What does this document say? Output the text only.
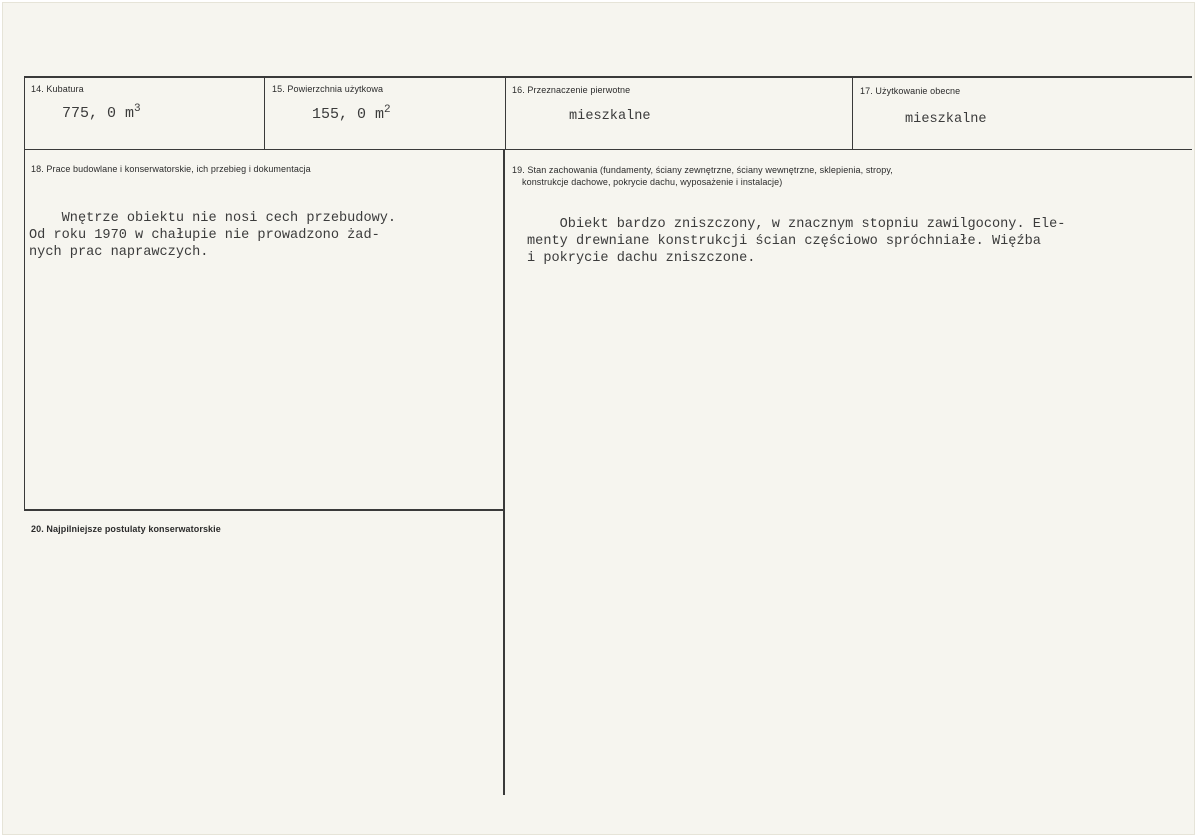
14. Kubatura
775, 0 $m^3$
15. Powierzchnia użytkowa
155, 0 $m^2$
16. Przeznaczenie pierwotne
mieszkalne
17. Użytkowanie obecne
mieszkalne
18. Prace budowlane i konserwatorskie, ich przebieg i dokumentacja
Wnętrze obiektu nie nosi cech przebudowy.
Od roku 1970 w chałupie nie prowadzono żad-
nych prac naprawczych.
19. Stan zachowania (fundamenty, ściany zewnętrzne, ściany wewnętrzne, sklepienia, stropy,
konstrukcje dachowe, pokrycie dachu, wyposażenie i instalacje)
Obiekt bardzo zniszczony, w znacznym stopniu zawilgocony. Ele-
menty drewniane konstrukcji ścian częściowo spróchniałe. Więźba
i pokrycie dachu zniszczone.
20. Najpilniejsze postulaty konserwatorskie
